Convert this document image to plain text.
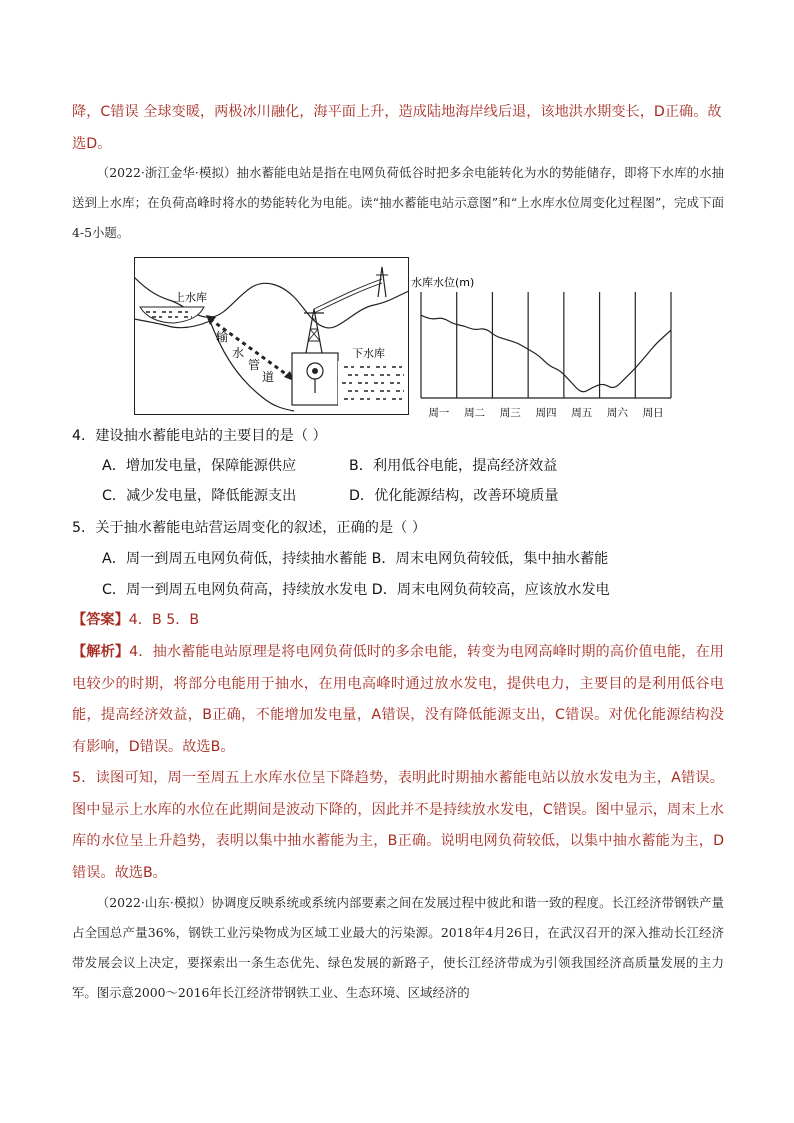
降，C错误 全球变暖，两极冰川融化，海平面上升，造成陆地海岸线后退，该地洪水期变长，D正确。故
选D。

（2022·浙江金华·模拟）抽水蓄能电站是指在电网负荷低谷时把多余电能转化为水的势能储存，即将下水库的水抽送到上水库；在负荷高峰时将水的势能转化为电能。读“抽水蓄能电站示意图”和“上水库水位周变化过程图”，完成下面4-5小题。

上水库
输
水
管
道
下水库
水库水位(m)
周一 周二 周三 周四 周五 周六 周日

4．建设抽水蓄能电站的主要目的是（ ）

A．增加发电量，保障能源供应	B．利用低谷电能，提高经济效益
C．减少发电量，降低能源支出	D．优化能源结构，改善环境质量

5．关于抽水蓄能电站营运周变化的叙述，正确的是（ ）

A．周一到周五电网负荷低，持续抽水蓄能 B．周末电网负荷较低，集中抽水蓄能
C．周一到周五电网负荷高，持续放水发电 D．周末电网负荷较高，应该放水发电

【答案】4．B 5．B

【解析】4．抽水蓄能电站原理是将电网负荷低时的多余电能，转变为电网高峰时期的高价值电能，在用电较少的时期，将部分电能用于抽水，在用电高峰时通过放水发电，提供电力，主要目的是利用低谷电能，提高经济效益，B正确，不能增加发电量，A错误，没有降低能源支出，C错误。对优化能源结构没有影响，D错误。故选B。

5．读图可知，周一至周五上水库水位呈下降趋势，表明此时期抽水蓄能电站以放水发电为主，A错误。图中显示上水库的水位在此期间是波动下降的，因此并不是持续放水发电，C错误。图中显示，周末上水库的水位呈上升趋势，表明以集中抽水蓄能为主，B正确。说明电网负荷较低，以集中抽水蓄能为主，D错误。故选B。

（2022·山东·模拟）协调度反映系统或系统内部要素之间在发展过程中彼此和谐一致的程度。长江经济带钢铁产量占全国总产量36%，钢铁工业污染物成为区域工业最大的污染源。2018年4月26日，在武汉召开的深入推动长江经济带发展会议上决定，要探索出一条生态优先、绿色发展的新路子，使长江经济带成为引领我国经济高质量发展的主力军。图示意2000～2016年长江经济带钢铁工业、生态环境、区域经济的
